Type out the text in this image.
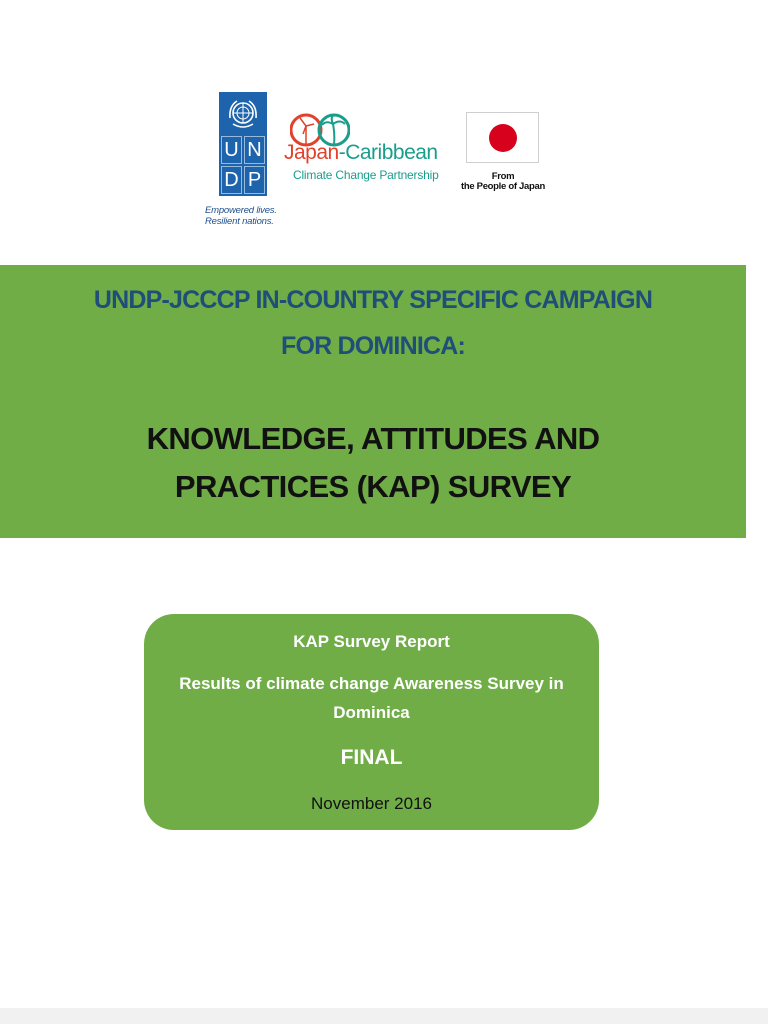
U N
D P
Empowered lives.
Resilient nations.
Japan-Caribbean
Climate Change Partnership	From
the People of Japan
UNDP-JCCCP IN-COUNTRY SPECIFIC CAMPAIGN
FOR DOMINICA:
KNOWLEDGE, ATTITUDES AND
PRACTICES (KAP) SURVEY
KAP Survey Report
Results of climate change Awareness Survey in
Dominica
FINAL
November 2016
